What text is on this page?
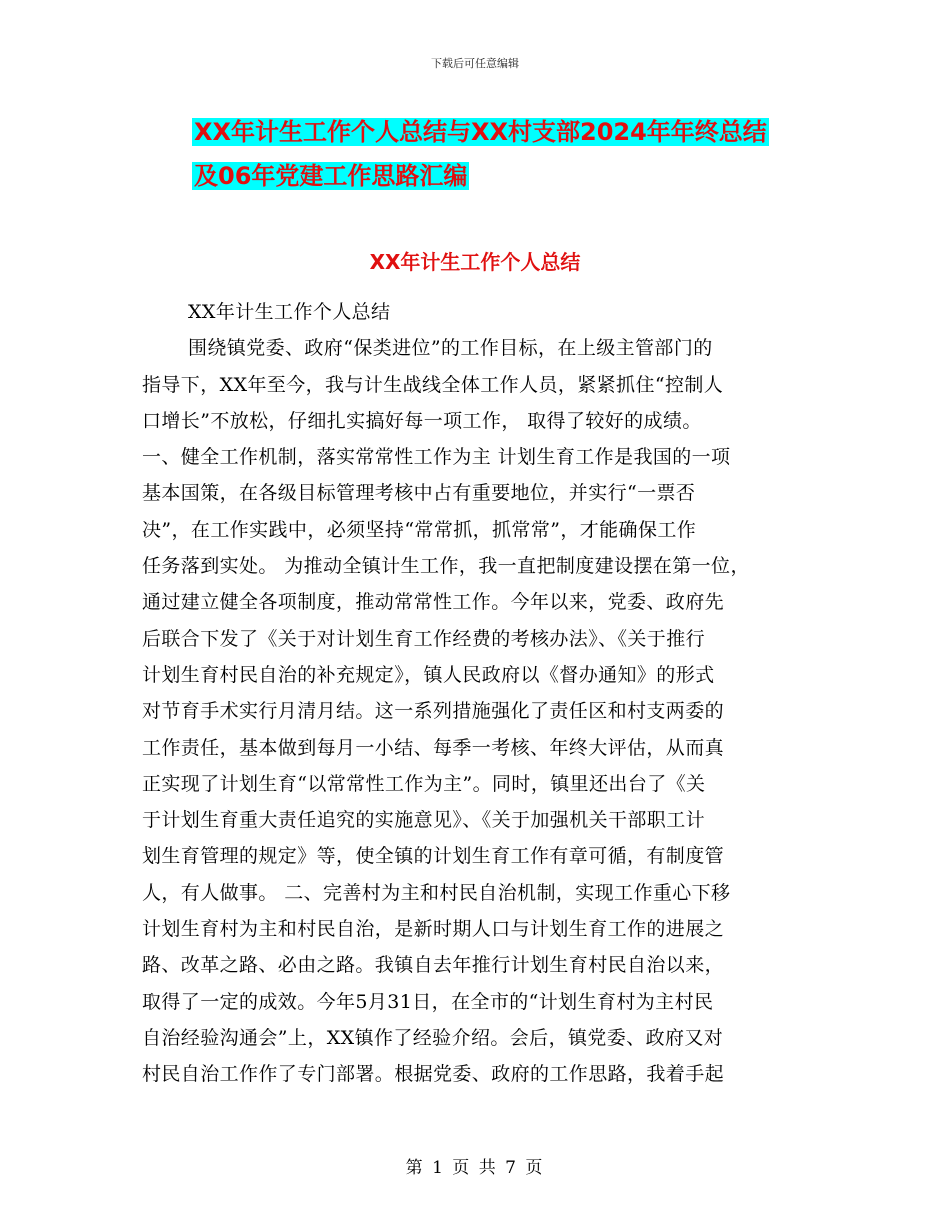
下载后可任意编辑
XX年计生工作个人总结与XX村支部2024年年终总结
及06年党建工作思路汇编
XX年计生工作个人总结
XX年计生工作个人总结
围绕镇党委、政府“保类进位”的工作目标，在上级主管部门的
指导下，XX年至今，我与计生战线全体工作人员，紧紧抓住“控制人
口增长”不放松，仔细扎实搞好每一项工作， 取得了较好的成绩。
一、健全工作机制，落实常常性工作为主 计划生育工作是我国的一项
基本国策，在各级目标管理考核中占有重要地位，并实行“一票否
决”，在工作实践中，必须坚持“常常抓，抓常常”，才能确保工作
任务落到实处。 为推动全镇计生工作，我一直把制度建设摆在第一位，
通过建立健全各项制度，推动常常性工作。今年以来，党委、政府先
后联合下发了《关于对计划生育工作经费的考核办法》、《关于推行
计划生育村民自治的补充规定》，镇人民政府以《督办通知》的形式
对节育手术实行月清月结。这一系列措施强化了责任区和村支两委的
工作责任，基本做到每月一小结、每季一考核、年终大评估，从而真
正实现了计划生育“以常常性工作为主”。同时，镇里还出台了《关
于计划生育重大责任追究的实施意见》、《关于加强机关干部职工计
划生育管理的规定》等，使全镇的计划生育工作有章可循，有制度管
人，有人做事。 二、完善村为主和村民自治机制，实现工作重心下移
计划生育村为主和村民自治，是新时期人口与计划生育工作的进展之
路、改革之路、必由之路。我镇自去年推行计划生育村民自治以来，
取得了一定的成效。今年5月31日，在全市的“计划生育村为主村民
自治经验沟通会”上，XX镇作了经验介绍。会后，镇党委、政府又对
村民自治工作作了专门部署。根据党委、政府的工作思路，我着手起
第 1 页 共 7 页
